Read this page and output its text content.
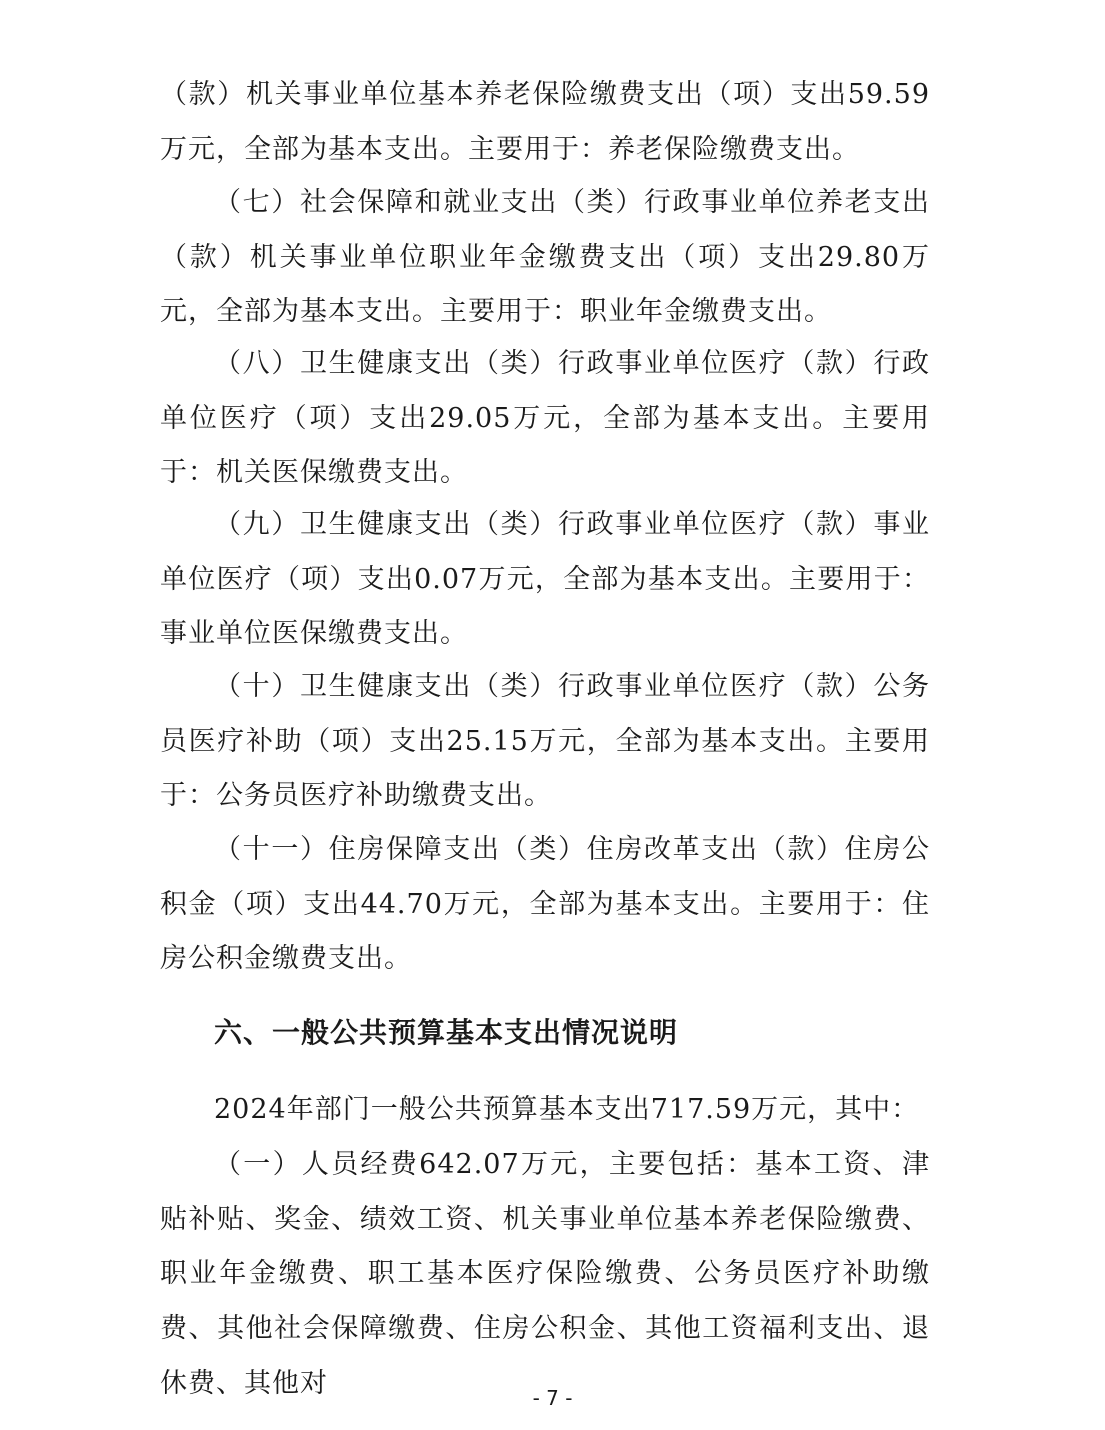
（款）机关事业单位基本养老保险缴费支出（项）支出59.59万元，全部为基本支出。主要用于：养老保险缴费支出。

（七）社会保障和就业支出（类）行政事业单位养老支出（款）机关事业单位职业年金缴费支出（项）支出29.80万元，全部为基本支出。主要用于：职业年金缴费支出。

（八）卫生健康支出（类）行政事业单位医疗（款）行政单位医疗（项）支出29.05万元，全部为基本支出。主要用于：机关医保缴费支出。

（九）卫生健康支出（类）行政事业单位医疗（款）事业单位医疗（项）支出0.07万元，全部为基本支出。主要用于：事业单位医保缴费支出。

（十）卫生健康支出（类）行政事业单位医疗（款）公务员医疗补助（项）支出25.15万元，全部为基本支出。主要用于：公务员医疗补助缴费支出。

（十一）住房保障支出（类）住房改革支出（款）住房公积金（项）支出44.70万元，全部为基本支出。主要用于：住房公积金缴费支出。

六、一般公共预算基本支出情况说明

2024年部门一般公共预算基本支出717.59万元，其中：

（一）人员经费642.07万元，主要包括：基本工资、津贴补贴、奖金、绩效工资、机关事业单位基本养老保险缴费、职业年金缴费、职工基本医疗保险缴费、公务员医疗补助缴费、其他社会保障缴费、住房公积金、其他工资福利支出、退休费、其他对	- 7 -
